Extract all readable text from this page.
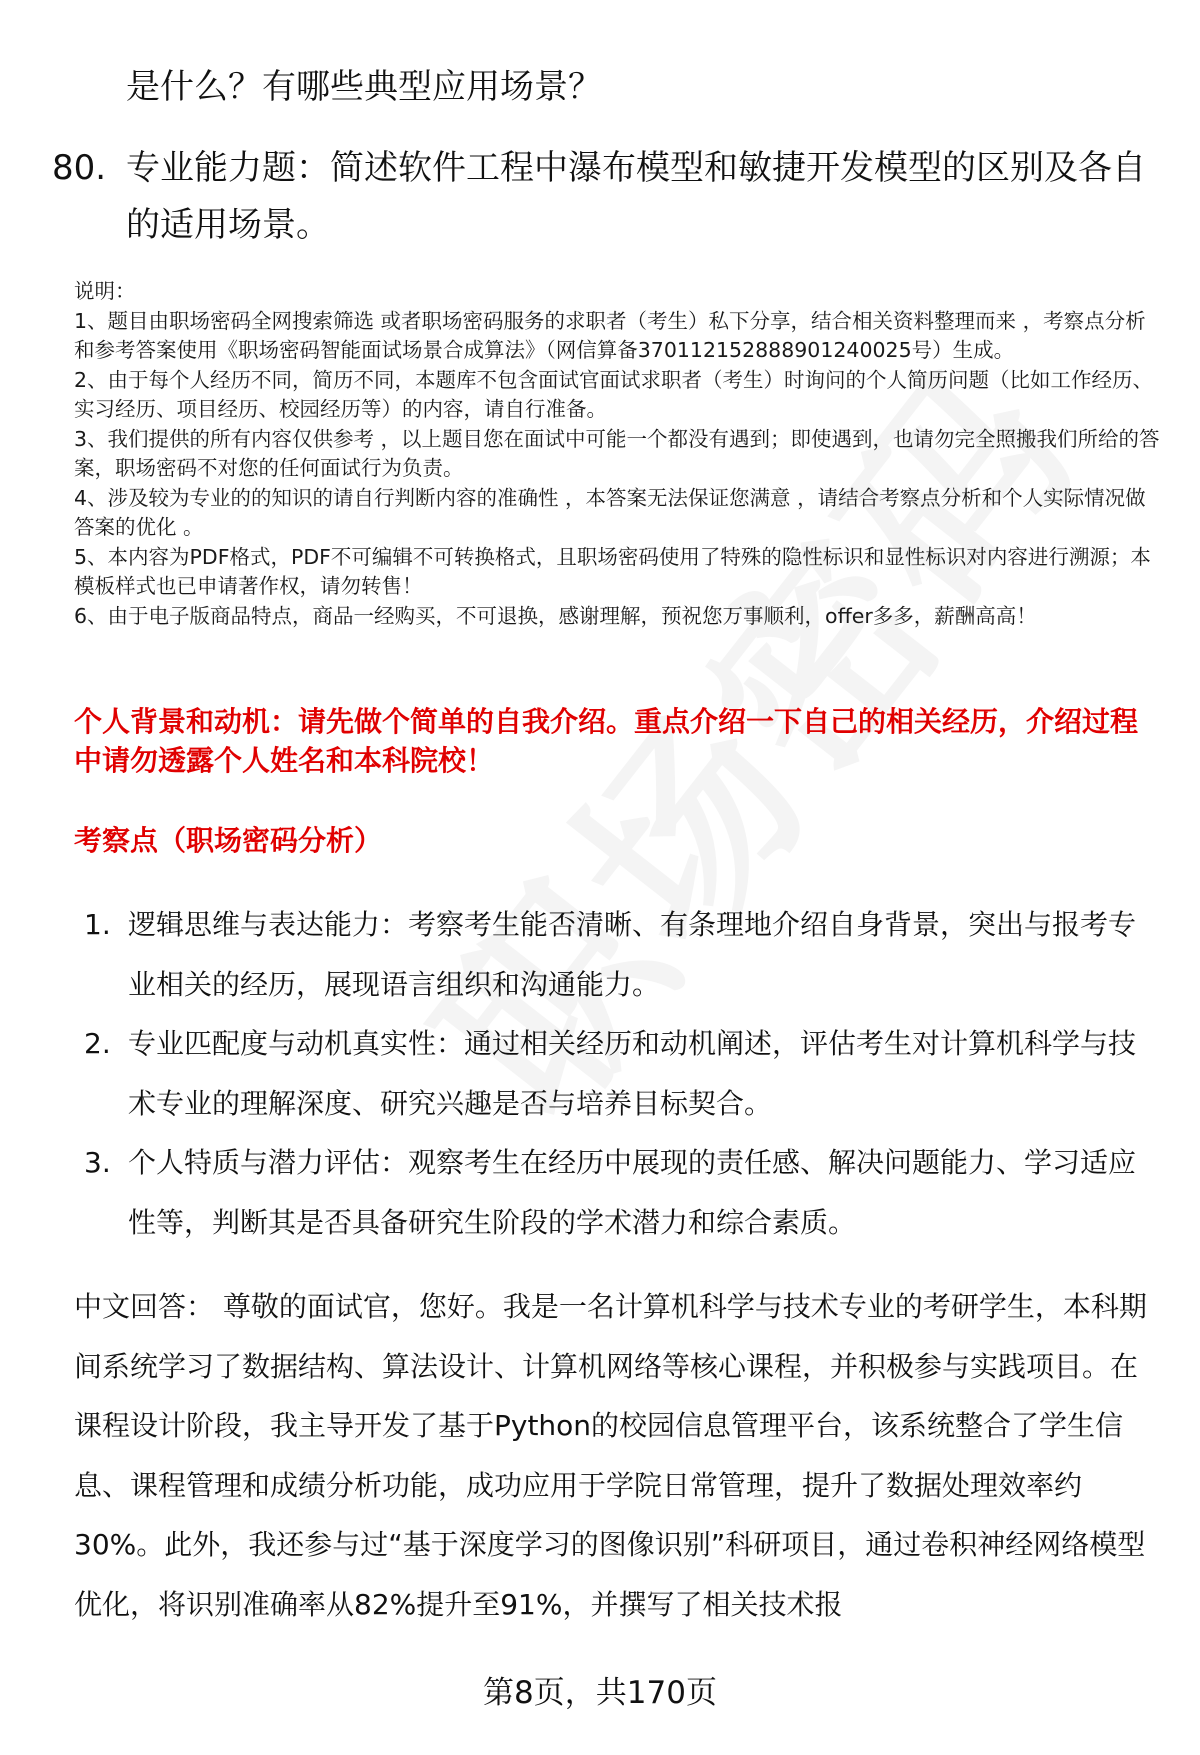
是什么？有哪些典型应用场景？
80. 专业能力题：简述软件工程中瀑布模型和敏捷开发模型的区别及各自的适用场景。
说明：
1、题目由职场密码全网搜索筛选 或者职场密码服务的求职者（考生）私下分享，结合相关资料整理而来 ，考察点分析和参考答案使用《职场密码智能面试场景合成算法》（网信算备370112152888901240025号）生成。
2、由于每个人经历不同，简历不同，本题库不包含面试官面试求职者（考生）时询问的个人简历问题（比如工作经历、实习经历、项目经历、校园经历等）的内容，请自行准备。
3、我们提供的所有内容仅供参考 ，以上题目您在面试中可能一个都没有遇到；即使遇到，也请勿完全照搬我们所给的答案，职场密码不对您的任何面试行为负责。
4、涉及较为专业的的知识的请自行判断内容的准确性 ，本答案无法保证您满意 ，请结合考察点分析和个人实际情况做答案的优化 。
5、本内容为PDF格式，PDF不可编辑不可转换格式，且职场密码使用了特殊的隐性标识和显性标识对内容进行溯源；本模板样式也已申请著作权，请勿转售！
6、由于电子版商品特点，商品一经购买，不可退换，感谢理解，预祝您万事顺利，offer多多，薪酬高高！
个人背景和动机：请先做个简单的自我介绍。重点介绍一下自己的相关经历，介绍过程中请勿透露个人姓名和本科院校！
考察点（职场密码分析）
1. 逻辑思维与表达能力：考察考生能否清晰、有条理地介绍自身背景，突出与报考专业相关的经历，展现语言组织和沟通能力。
2. 专业匹配度与动机真实性：通过相关经历和动机阐述，评估考生对计算机科学与技术专业的理解深度、研究兴趣是否与培养目标契合。
3. 个人特质与潜力评估：观察考生在经历中展现的责任感、解决问题能力、学习适应性等，判断其是否具备研究生阶段的学术潜力和综合素质。
中文回答： 尊敬的面试官，您好。我是一名计算机科学与技术专业的考研学生，本科期间系统学习了数据结构、算法设计、计算机网络等核心课程，并积极参与实践项目。在课程设计阶段，我主导开发了基于Python的校园信息管理平台，该系统整合了学生信息、课程管理和成绩分析功能，成功应用于学院日常管理，提升了数据处理效率约30%。此外，我还参与过“基于深度学习的图像识别”科研项目，通过卷积神经网络模型优化，将识别准确率从82%提升至91%，并撰写了相关技术报
第8页，共170页
